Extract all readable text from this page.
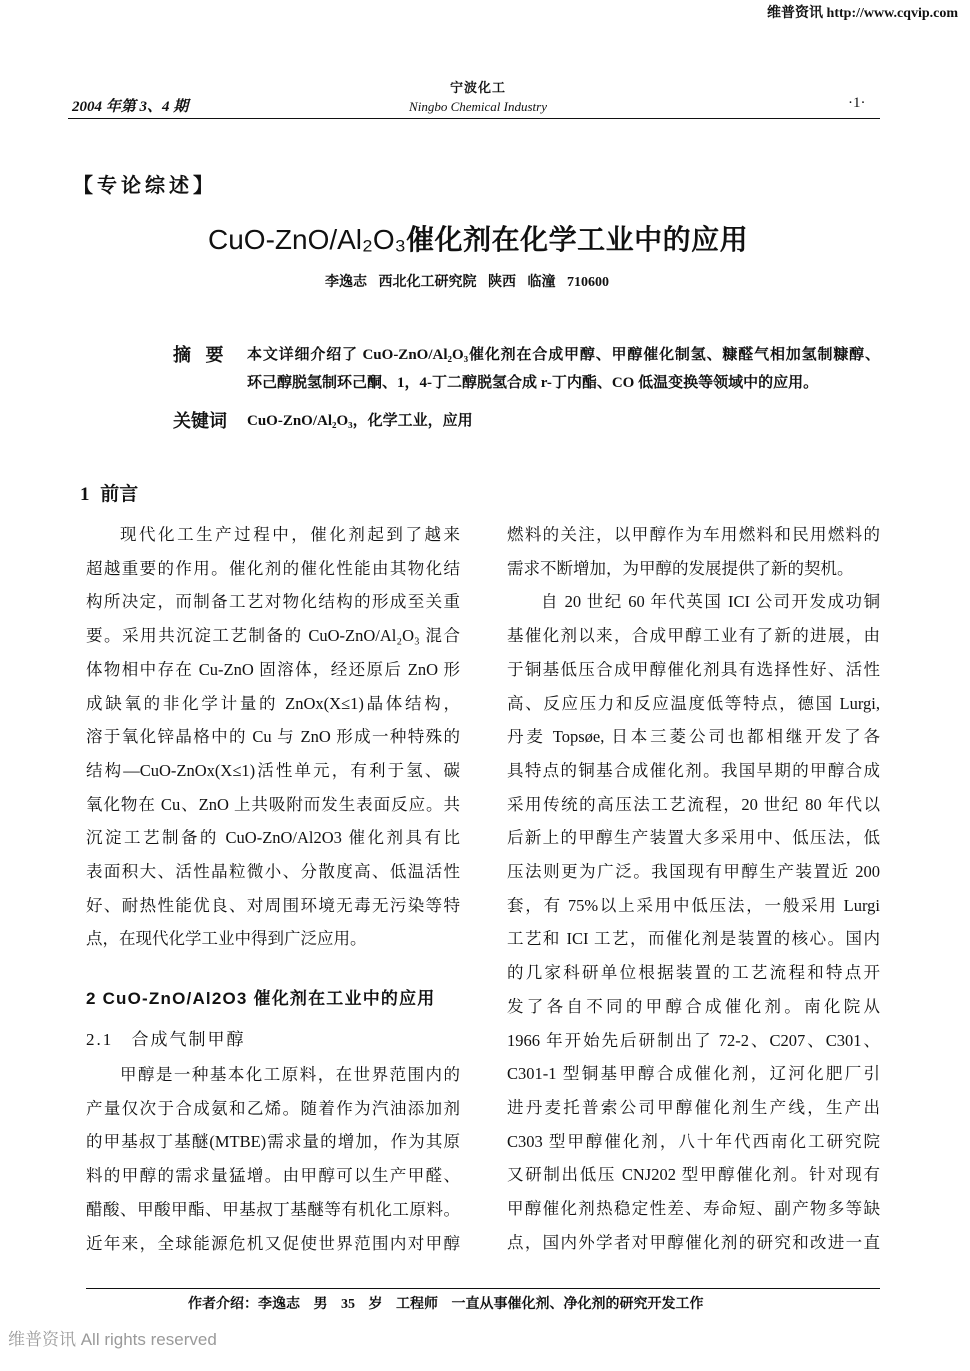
维普资讯 http://www.cqvip.com
宁波化工
Ningbo Chemical Industry
2004 年第 3、4 期	·1·
【专论综述】
CuO-ZnO/Al₂O₃催化剂在化学工业中的应用
李逸志 西北化工研究院 陕西 临潼 710600
摘 要 本文详细介绍了 CuO-ZnO/Al₂O₃催化剂在合成甲醇、甲醇催化制氢、糠醛气相加氢制糠醇、
环己醇脱氢制环己酮、1，4-丁二醇脱氢合成 r-丁内酯、CO 低温变换等领域中的应用。
关键词 CuO-ZnO/Al₂O₃，化学工业，应用
1 前言
现代化工生产过程中，催化剂起到了越来
超越重要的作用。催化剂的催化性能由其物化结
构所决定，而制备工艺对物化结构的形成至关重
要。采用共沉淀工艺制备的 CuO-ZnO/Al₂O₃ 混合
体物相中存在 Cu-ZnO 固溶体，经还原后 ZnO 形
成缺氧的非化学计量的 ZnOx(X≤1)晶体结构，
溶于氧化锌晶格中的 Cu 与 ZnO 形成一种特殊的
结构—CuO-ZnOx(X≤1)活性单元，有利于氢、碳
氧化物在 Cu、ZnO 上共吸附而发生表面反应。共
沉淀工艺制备的 CuO-ZnO/Al2O3 催化剂具有比
表面积大、活性晶粒微小、分散度高、低温活性
好、耐热性能优良、对周围环境无毒无污染等特
点，在现代化学工业中得到广泛应用。
2 CuO-ZnO/Al2O3 催化剂在工业中的应用
2.1 合成气制甲醇
甲醇是一种基本化工原料，在世界范围内的
产量仅次于合成氨和乙烯。随着作为汽油添加剂
的甲基叔丁基醚(MTBE)需求量的增加，作为其原
料的甲醇的需求量猛增。由甲醇可以生产甲醛、
醋酸、甲酸甲酯、甲基叔丁基醚等有机化工原料。
近年来，全球能源危机又促使世界范围内对甲醇
燃料的关注，以甲醇作为车用燃料和民用燃料的
需求不断增加，为甲醇的发展提供了新的契机。
自 20 世纪 60 年代英国 ICI 公司开发成功铜
基催化剂以来，合成甲醇工业有了新的进展，由
于铜基低压合成甲醇催化剂具有选择性好、活性
高、反应压力和反应温度低等特点，德国 Lurgi,
丹麦 Topsøe, 日本三菱公司也都相继开发了各
具特点的铜基合成催化剂。我国早期的甲醇合成
采用传统的高压法工艺流程，20 世纪 80 年代以
后新上的甲醇生产装置大多采用中、低压法，低
压法则更为广泛。我国现有甲醇生产装置近 200
套，有 75%以上采用中低压法，一般采用 Lurgi
工艺和 ICI 工艺，而催化剂是装置的核心。国内
的几家科研单位根据装置的工艺流程和特点开
发了各自不同的甲醇合成催化剂。南化院从
1966 年开始先后研制出了 72-2、C207、C301、
C301-1 型铜基甲醇合成催化剂，辽河化肥厂引
进丹麦托普索公司甲醇催化剂生产线，生产出
C303 型甲醇催化剂，八十年代西南化工研究院
又研制出低压 CNJ202 型甲醇催化剂。针对现有
甲醇催化剂热稳定性差、寿命短、副产物多等缺
点，国内外学者对甲醇催化剂的研究和改进一直
作者介绍：李逸志 男 35 岁 工程师 一直从事催化剂、净化剂的研究开发工作
维普资讯 All rights reserved
